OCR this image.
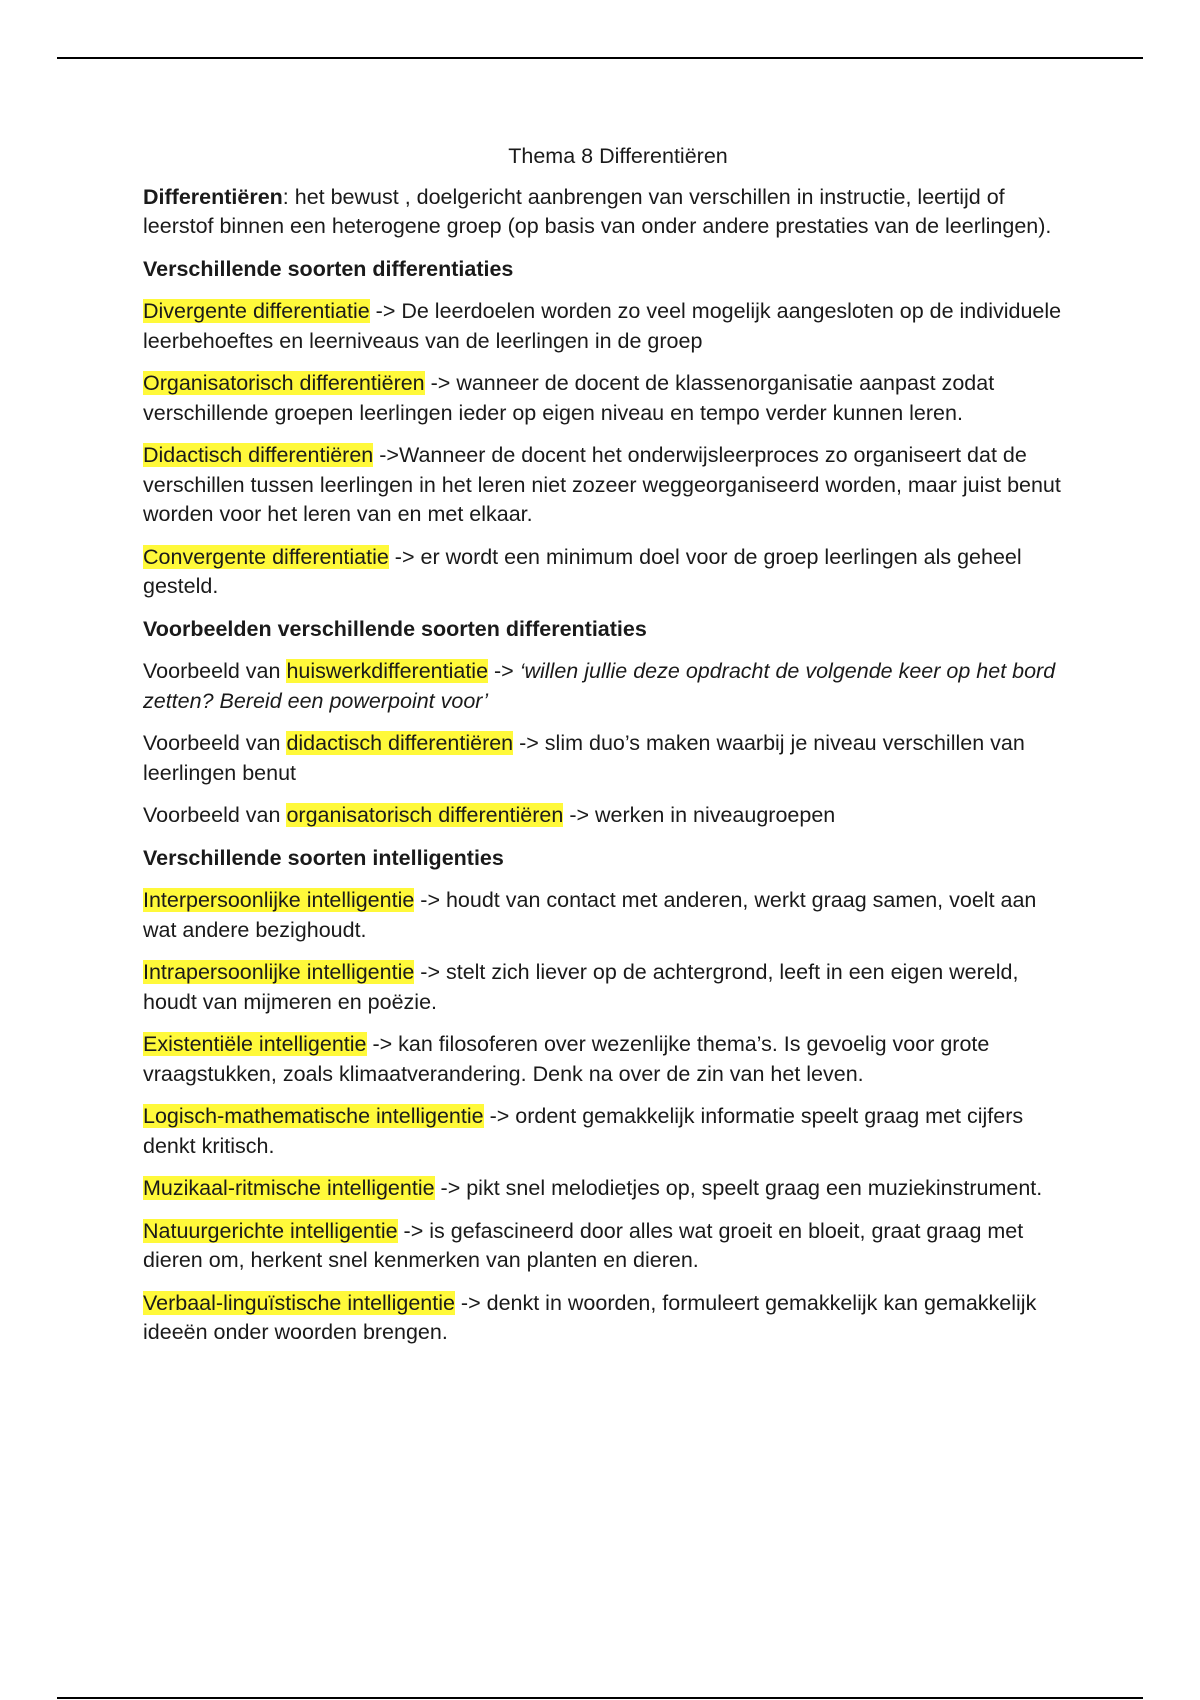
Thema 8 Differentiëren

Differentiëren: het bewust , doelgericht aanbrengen van verschillen in instructie, leertijd of leerstof binnen een heterogene groep (op basis van onder andere prestaties van de leerlingen).

Verschillende soorten differentiaties

Divergente differentiatie -> De leerdoelen worden zo veel mogelijk aangesloten op de individuele leerbehoeftes en leerniveaus van de leerlingen in de groep

Organisatorisch differentiëren -> wanneer de docent de klassenorganisatie aanpast zodat verschillende groepen leerlingen ieder op eigen niveau en tempo verder kunnen leren.

Didactisch differentiëren ->Wanneer de docent het onderwijsleerproces zo organiseert dat de verschillen tussen leerlingen in het leren niet zozeer weggeorganiseerd worden, maar juist benut worden voor het leren van en met elkaar.

Convergente differentiatie -> er wordt een minimum doel voor de groep leerlingen als geheel gesteld.

Voorbeelden verschillende soorten differentiaties

Voorbeeld van huiswerkdifferentiatie -> ‘willen jullie deze opdracht de volgende keer op het bord zetten? Bereid een powerpoint voor’

Voorbeeld van didactisch differentiëren -> slim duo’s maken waarbij je niveau verschillen van leerlingen benut

Voorbeeld van organisatorisch differentiëren -> werken in niveaugroepen

Verschillende soorten intelligenties

Interpersoonlijke intelligentie -> houdt van contact met anderen, werkt graag samen, voelt aan wat andere bezighoudt.

Intrapersoonlijke intelligentie -> stelt zich liever op de achtergrond, leeft in een eigen wereld, houdt van mijmeren en poëzie.

Existentiële intelligentie -> kan filosoferen over wezenlijke thema’s. Is gevoelig voor grote vraagstukken, zoals klimaatverandering. Denk na over de zin van het leven.

Logisch-mathematische intelligentie -> ordent gemakkelijk informatie speelt graag met cijfers denkt kritisch.

Muzikaal-ritmische intelligentie -> pikt snel melodietjes op, speelt graag een muziekinstrument.

Natuurgerichte intelligentie -> is gefascineerd door alles wat groeit en bloeit, graat graag met dieren om, herkent snel kenmerken van planten en dieren.

Verbaal-linguïstische intelligentie -> denkt in woorden, formuleert gemakkelijk kan gemakkelijk ideeën onder woorden brengen.
